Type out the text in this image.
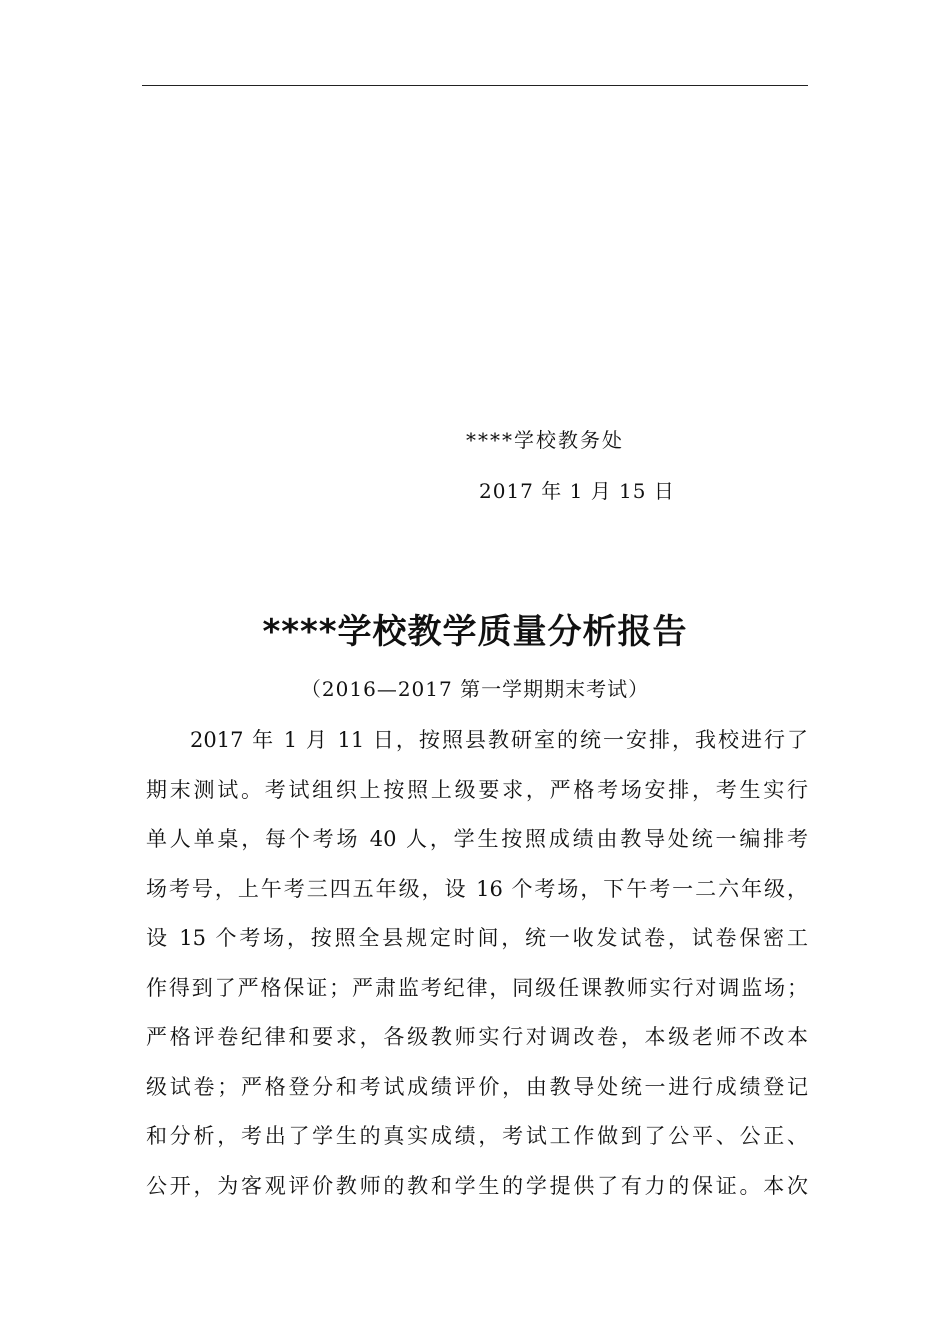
****学校教务处
2017 年 1 月 15 日
****学校教学质量分析报告
（2016—2017 第一学期期末考试）
2017 年 1 月 11 日，按照县教研室的统一安排，我校进行了
期末测试。考试组织上按照上级要求，严格考场安排，考生实行
单人单桌，每个考场 40 人，学生按照成绩由教导处统一编排考
场考号，上午考三四五年级，设 16 个考场，下午考一二六年级，
设 15 个考场，按照全县规定时间，统一收发试卷，试卷保密工
作得到了严格保证；严肃监考纪律，同级任课教师实行对调监场；
严格评卷纪律和要求，各级教师实行对调改卷，本级老师不改本
级试卷；严格登分和考试成绩评价，由教导处统一进行成绩登记
和分析，考出了学生的真实成绩，考试工作做到了公平、公正、
公开，为客观评价教师的教和学生的学提供了有力的保证。本次
